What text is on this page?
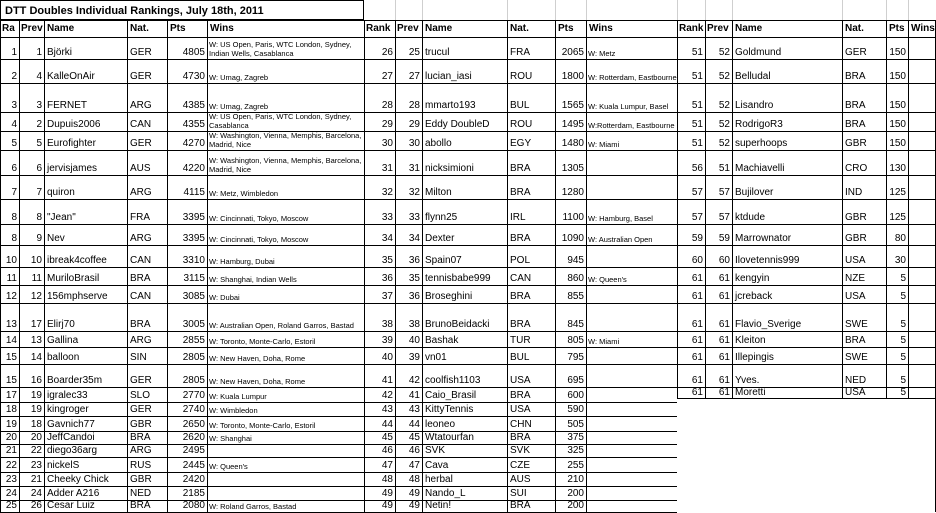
DTT Doubles Individual Rankings, July 18th, 2011
Ra Prev Name	Nat.	Pts	Wins
1	1 Björki	GER	4805
W: US Open, Paris, WTC London, Sydney, Indian Wells, Casablanca
2	4 KalleOnAir	GER	4730 W: Umag, Zagreb
3	3 FERNET	ARG	4385 W: Umag, Zagreb
4	2 Dupuis2006	CAN	4355
W: US Open, Paris, WTC London, Sydney, Casablanca
5	5 Eurofighter	GER	4270
W: Washington, Vienna, Memphis, Barcelona, Madrid, Nice
6	6 jervisjames	AUS	4220
W: Washington, Vienna, Memphis, Barcelona, Madrid, Nice
7	7 quiron	ARG	4115 W: Metz, Wimbledon
8	8 "Jean"	FRA	3395 W: Cincinnati, Tokyo, Moscow
8	9 Nev	ARG	3395 W: Cincinnati, Tokyo, Moscow
10	10 ibreak4coffee	CAN	3310 W: Hamburg, Dubai
11	11 MuriloBrasil	BRA	3115 W: Shanghai, Indian Wells
12	12 156mphserve	CAN	3085 W: Dubai
13	17 Elirj70	BRA	3005 W: Australian Open, Roland Garros, Bastad
14	13 Gallina	ARG	2855 W: Toronto, Monte-Carlo, Estoril
15	14 balloon	SIN	2805 W: New Haven, Doha, Rome
15	16 Boarder35m	GER	2805 W: New Haven, Doha, Rome
17	19 igralec33	SLO	2770 W: Kuala Lumpur
18	19 kingroger	GER	2740 W: Wimbledon
19	18 Gavnich77	GBR	2650 W: Toronto, Monte-Carlo, Estoril
20	20 JeffCandoi	BRA	2620 W: Shanghai
21	22 diego36arg	ARG	2495
22	23 nickelS	RUS	2445 W: Queen's
23	21 Cheeky Chick	GBR	2420
24	24 Adder A216	NED	2185
25	26 Cesar Luiz	BRA	2080 W: Roland Garros, Bastad
Rank Prev Name	Nat.	Pts	Wins
26	25 trucul	FRA	2065 W: Metz
27	27 lucian_iasi	ROU	1800 W: Rotterdam, Eastbourne
28	28 mmarto193	BUL	1565 W: Kuala Lumpur, Basel
29	29 Eddy DoubleD	ROU	1495 W:Rotterdam, Eastbourne
30	30 abollo	EGY	1480 W: Miami
31	31 nicksimioni	BRA	1305
32	32 Milton	BRA	1280
33	33 flynn25	IRL	1100 W: Hamburg, Basel
34	34 Dexter	BRA	1090 W: Australian Open
35	36 Spain07	POL	945
36	35 tennisbabe999	CAN	860 W: Queen's
37	36 Broseghini	BRA	855
38	38 BrunoBeidacki	BRA	845
39	40 Bashak	TUR	805 W: Miami
40	39 vn01	BUL	795
41	42 coolfish1103	USA	695
42	41 Caio_Brasil	BRA	600
43	43 KittyTennis	USA	590
44	44 leoneo	CHN	505
45	45 Wtatourfan	BRA	375
46	46 SVK	SVK	325
47	47 Cava	CZE	255
48	48 herbal	AUS	210
49	49 Nando_L	SUI	200
49	49 Netin!	BRA	200
Rank Prev Name	Nat.	Pts Wins
51	52 Goldmund	GER	150
51	52 Belludal	BRA	150
51	52 Lisandro	BRA	150
51	52 RodrigoR3	BRA	150
51	52 superhoops	GBR	150
56	51 Machiavelli	CRO	130
57	57 Bujilover	IND	125
57	57 ktdude	GBR	125
59	59 Marrownator	GBR	80
60	60 Ilovetennis999	USA	30
61	61 kengyin	NZE	5
61	61 jcreback	USA	5
61	61 Flavio_Sverige	SWE	5
61	61 Kleiton	BRA	5
61	61 Illepingis	SWE	5
61	61 Yves.	NED	5
61	61 Moretti	USA	5
